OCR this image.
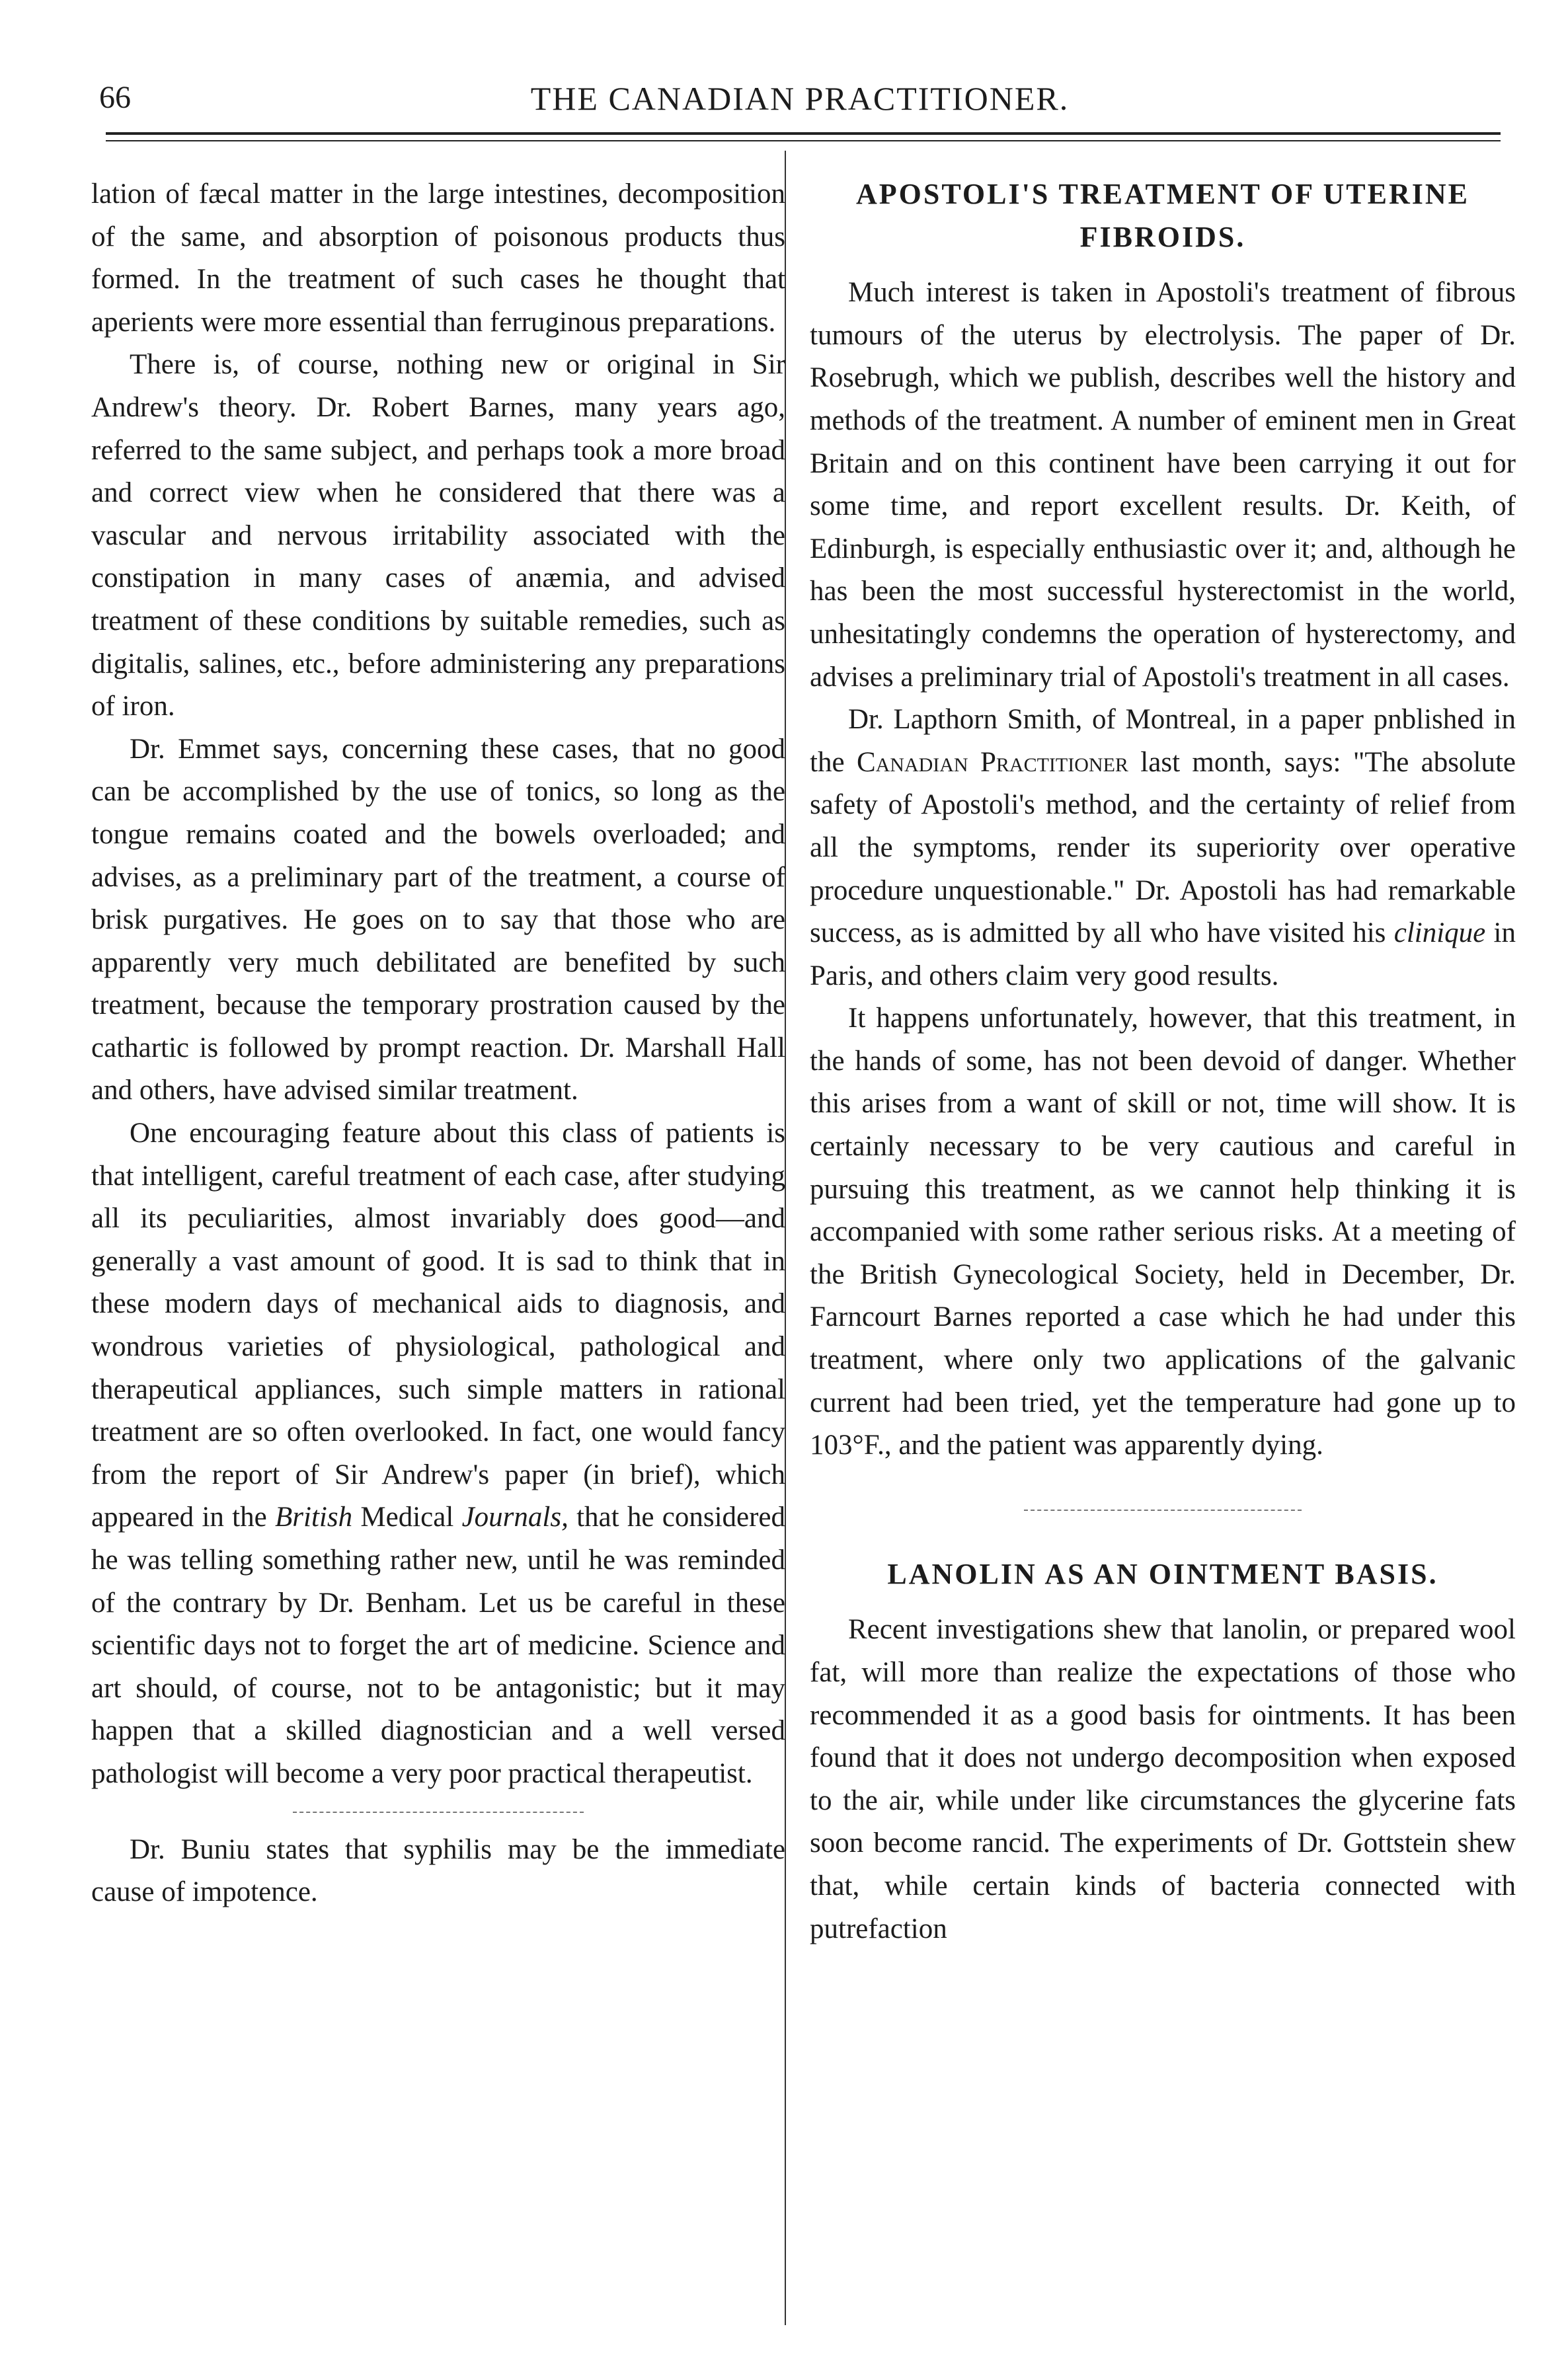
66	THE CANADIAN PRACTITIONER.

lation of fæcal matter in the large intestines, decomposition of the same, and absorption of poisonous products thus formed. In the treatment of such cases he thought that aperients were more essential than ferruginous preparations.

There is, of course, nothing new or original in Sir Andrew's theory. Dr. Robert Barnes, many years ago, referred to the same subject, and perhaps took a more broad and correct view when he considered that there was a vascular and nervous irritability associated with the constipation in many cases of anæmia, and advised treatment of these conditions by suitable remedies, such as digitalis, salines, etc., before administering any preparations of iron.

Dr. Emmet says, concerning these cases, that no good can be accomplished by the use of tonics, so long as the tongue remains coated and the bowels overloaded; and advises, as a preliminary part of the treatment, a course of brisk purgatives. He goes on to say that those who are apparently very much debilitated are benefited by such treatment, because the temporary prostration caused by the cathartic is followed by prompt reaction. Dr. Marshall Hall and others, have advised similar treatment.

One encouraging feature about this class of patients is that intelligent, careful treatment of each case, after studying all its peculiarities, almost invariably does good—and generally a vast amount of good. It is sad to think that in these modern days of mechanical aids to diagnosis, and wondrous varieties of physiological, pathological and therapeutical appliances, such simple matters in rational treatment are so often overlooked. In fact, one would fancy from the report of Sir Andrew's paper (in brief), which appeared in the British Medical Journals, that he considered he was telling something rather new, until he was reminded of the contrary by Dr. Benham. Let us be careful in these scientific days not to forget the art of medicine. Science and art should, of course, not to be antagonistic; but it may happen that a skilled diagnostician and a well versed pathologist will become a very poor practical therapeutist.

Dr. Buniu states that syphilis may be the immediate cause of impotence.

APOSTOLI'S TREATMENT OF UTERINE FIBROIDS.

Much interest is taken in Apostoli's treatment of fibrous tumours of the uterus by electrolysis. The paper of Dr. Rosebrugh, which we publish, describes well the history and methods of the treatment. A number of eminent men in Great Britain and on this continent have been carrying it out for some time, and report excellent results. Dr. Keith, of Edinburgh, is especially enthusiastic over it; and, although he has been the most successful hysterectomist in the world, unhesitatingly condemns the operation of hysterectomy, and advises a preliminary trial of Apostoli's treatment in all cases.

Dr. Lapthorn Smith, of Montreal, in a paper pnblished in the Canadian Practitioner last month, says: "The absolute safety of Apostoli's method, and the certainty of relief from all the symptoms, render its superiority over operative procedure unquestionable." Dr. Apostoli has had remarkable success, as is admitted by all who have visited his clinique in Paris, and others claim very good results.

It happens unfortunately, however, that this treatment, in the hands of some, has not been devoid of danger. Whether this arises from a want of skill or not, time will show. It is certainly necessary to be very cautious and careful in pursuing this treatment, as we cannot help thinking it is accompanied with some rather serious risks. At a meeting of the British Gynecological Society, held in December, Dr. Farncourt Barnes reported a case which he had under this treatment, where only two applications of the galvanic current had been tried, yet the temperature had gone up to 103°F., and the patient was apparently dying.

LANOLIN AS AN OINTMENT BASIS.

Recent investigations shew that lanolin, or prepared wool fat, will more than realize the expectations of those who recommended it as a good basis for ointments. It has been found that it does not undergo decomposition when exposed to the air, while under like circumstances the glycerine fats soon become rancid. The experiments of Dr. Gottstein shew that, while certain kinds of bacteria connected with putrefaction
